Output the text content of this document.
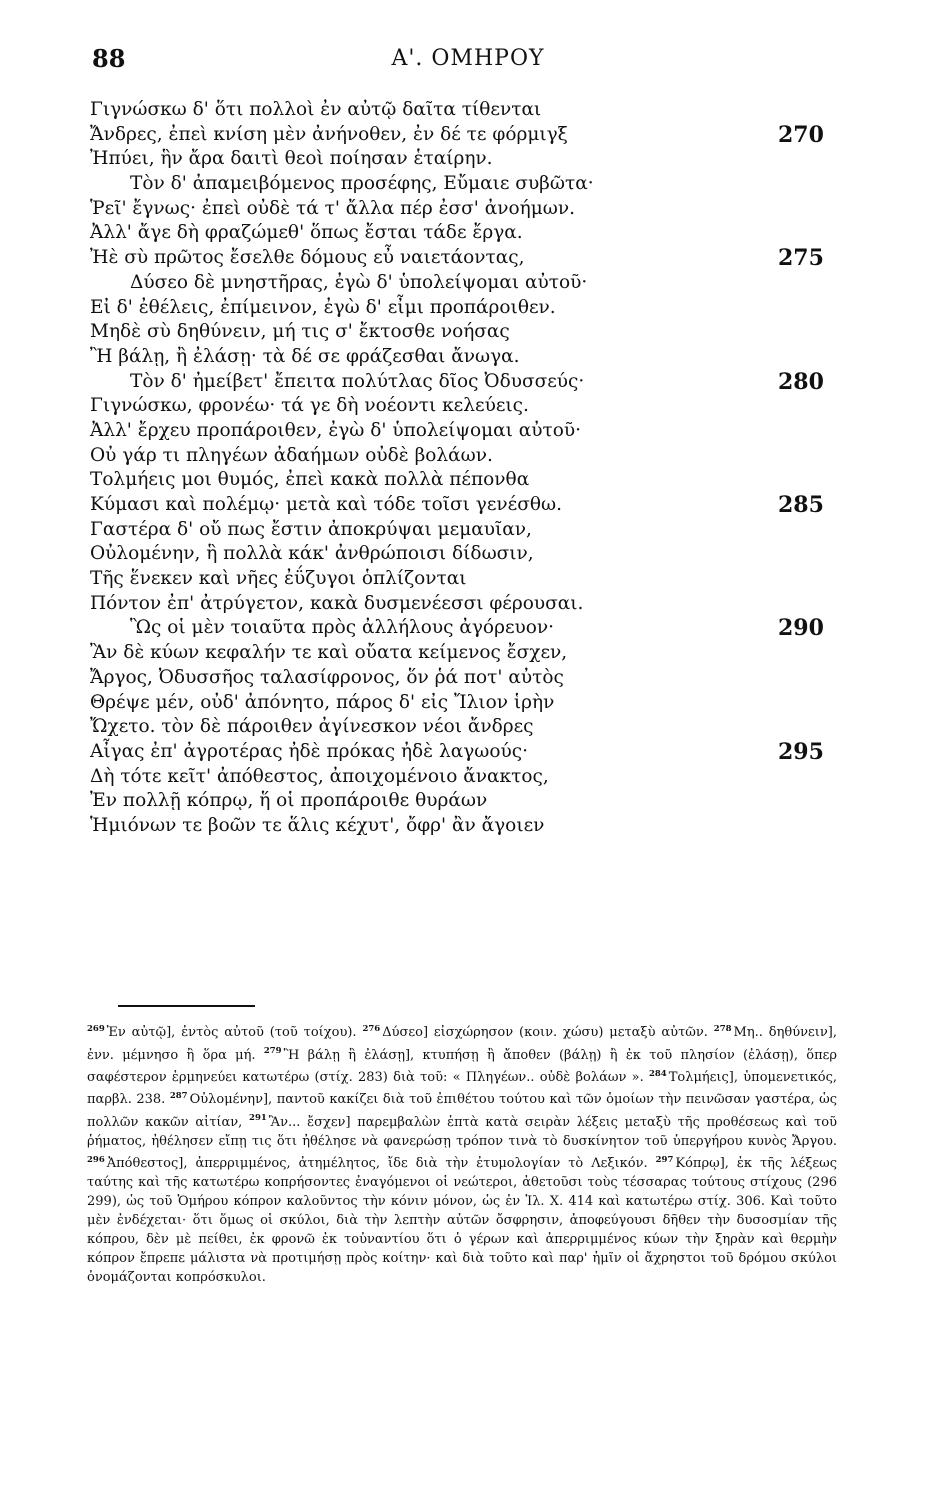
88	Α'. ΟΜΗΡΟΥ
Γιγνώσκω δ' ὅτι πολλοὶ ἐν αὐτῷ δαῖτα τίθενται
Ἄνδρες, ἐπεὶ κνίση μὲν ἀνήνοθεν, ἐν δέ τε φόρμιγξ	270
Ἠπύει, ἣν ἄρα δαιτὶ θεοὶ ποίησαν ἑταίρην.
Τὸν δ' ἀπαμειβόμενος προσέφης, Εὔμαιε συβῶτα·
Ῥεῖ' ἔγνως· ἐπεὶ οὐδὲ τά τ' ἄλλα πέρ ἐσσ' ἀνοήμων.
Ἀλλ' ἄγε δὴ φραζώμεθ' ὅπως ἔσται τάδε ἔργα.
Ἠὲ σὺ πρῶτος ἔσελθε δόμους εὖ ναιετάοντας,	275
Δύσεο δὲ μνηστῆρας, ἐγὼ δ' ὑπολείψομαι αὐτοῦ·
Εἰ δ' ἐθέλεις, ἐπίμεινον, ἐγὼ δ' εἶμι προπάροιθεν.
Μηδὲ σὺ δηθύνειν, μή τις σ' ἔκτοσθε νοήσας
Ἢ βάλῃ, ἢ ἐλάσῃ· τὰ δέ σε φράζεσθαι ἄνωγα.
Τὸν δ' ἠμείβετ' ἔπειτα πολύτλας δῖος Ὀδυσσεύς·	280
Γιγνώσκω, φρονέω· τά γε δὴ νοέοντι κελεύεις.
Ἀλλ' ἔρχευ προπάροιθεν, ἐγὼ δ' ὑπολείψομαι αὐτοῦ·
Οὐ γάρ τι πληγέων ἀδαήμων οὐδὲ βολάων.
Τολμήεις μοι θυμός, ἐπεὶ κακὰ πολλὰ πέπονθα
Κύμασι καὶ πολέμῳ· μετὰ καὶ τόδε τοῖσι γενέσθω.	285
Γαστέρα δ' οὔ πως ἔστιν ἀποκρύψαι μεμαυῖαν,
Οὐλομένην, ἣ πολλὰ κάκ' ἀνθρώποισι δίδωσιν,
Τῆς ἕνεκεν καὶ νῆες ἐΰζυγοι ὁπλίζονται
Πόντον ἐπ' ἀτρύγετον, κακὰ δυσμενέεσσι φέρουσαι.
Ὣς οἱ μὲν τοιαῦτα πρὸς ἀλλήλους ἀγόρευον·	290
Ἂν δὲ κύων κεφαλήν τε καὶ οὔατα κείμενος ἔσχεν,
Ἄργος, Ὀδυσσῆος ταλασίφρονος, ὅν ῥά ποτ' αὐτὸς
Θρέψε μέν, οὐδ' ἀπόνητο, πάρος δ' εἰς Ἴλιον ἱρὴν
Ὤχετο. τὸν δὲ πάροιθεν ἀγίνεσκον νέοι ἄνδρες
Αἶγας ἐπ' ἀγροτέρας ἠδὲ πρόκας ἠδὲ λαγωούς·	295
Δὴ τότε κεῖτ' ἀπόθεστος, ἀποιχομένοιο ἄνακτος,
Ἐν πολλῇ κόπρῳ, ἥ οἱ προπάροιθε θυράων
Ἡμιόνων τε βοῶν τε ἅλις κέχυτ', ὄφρ' ἂν ἄγοιεν
$^{269}$ Ἐν αὐτῷ], ἐντὸς αὐτοῦ (τοῦ τοίχου). $^{276}$ Δύσεο] εἰσχώρησον (κοιν. χώσυ) μεταξὺ αὐτῶν. $^{278}$ Μη.. δηθύνειν], ἐνν. μέμνησο ἢ ὅρα μή. $^{279}$ Ἢ βάλῃ ἢ ἐλάσῃ], κτυπήσῃ ἢ ἄποθεν (βάλῃ) ἢ ἐκ τοῦ πλησίον (ἐλάσῃ), ὅπερ σαφέστερον ἑρμηνεύει κατωτέρω (στίχ. 283) διὰ τοῦ: « Πληγέων.. οὐδὲ βολάων ». $^{284}$ Τολμήεις], ὑπομενετικός, παρβλ. 238. $^{287}$ Οὐλομένην], παντοῦ κακίζει διὰ τοῦ ἐπιθέτου τούτου καὶ τῶν ὁμοίων τὴν πεινῶσαν γαστέρα, ὡς πολλῶν κακῶν αἰτίαν, $^{291}$ Ἂν... ἔσχεν] παρεμβαλὼν ἑπτὰ κατὰ σειρὰν λέξεις μεταξὺ τῆς προθέσεως καὶ τοῦ ῥήματος, ἠθέλησεν εἴπῃ τις ὅτι ἠθέλησε νὰ φανερώσῃ τρόπον τινὰ τὸ δυσκίνητον τοῦ ὑπεργήρου κυνὸς Ἄργου. $^{296}$ Ἀπόθεστος], ἀπερριμμένος, ἀτημέλητος, ἴδε διὰ τὴν ἐτυμολογίαν τὸ Λεξικόν. $^{297}$ Κόπρῳ], ἐκ τῆς λέξεως ταύτης καὶ τῆς κατωτέρω κοπρήσοντες ἐναγόμενοι οἱ νεώτεροι, ἀθετοῦσι τοὺς τέσσαρας τούτους στίχους (296 299), ὡς τοῦ Ὁμήρου κόπρον καλοῦντος τὴν κόνιν μόνον, ὡς ἐν Ἰλ. Χ. 414 καὶ κατωτέρω στίχ. 306. Καὶ τοῦτο μὲν ἐνδέχεται· ὅτι ὅμως οἱ σκύλοι, διὰ τὴν λεπτὴν αὐτῶν ὄσφρησιν, ἀποφεύγουσι δῆθεν τὴν δυσοσμίαν τῆς κόπρου, δὲν μὲ πείθει, ἐκ φρονῶ ἐκ τοὐναντίου ὅτι ὁ γέρων καὶ ἀπερριμμένος κύων τὴν ξηρὰν καὶ θερμὴν κόπρον ἔπρεπε μάλιστα νὰ προτιμήσῃ πρὸς κοίτην· καὶ διὰ τοῦτο καὶ παρ' ἡμῖν οἱ ἄχρηστοι τοῦ δρόμου σκύλοι ὀνομάζονται κοπρόσκυλοι.
